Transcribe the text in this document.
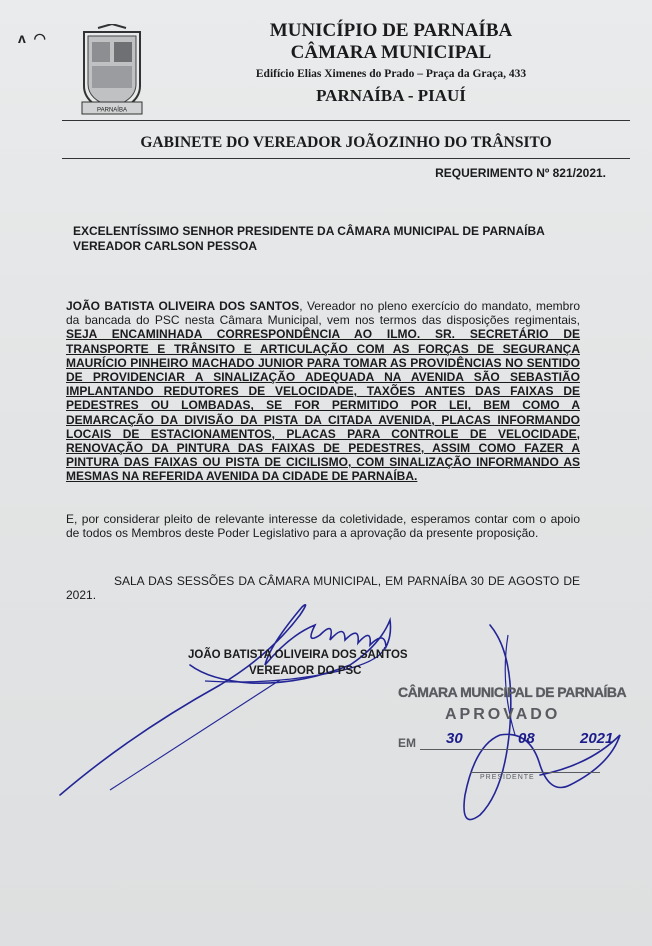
ᴧ ◠
PARNAÍBA
MUNICÍPIO DE PARNAÍBA
CÂMARA MUNICIPAL
Edifício Elias Ximenes do Prado – Praça da Graça, 433
PARNAÍBA - PIAUÍ
GABINETE DO VEREADOR JOÃOZINHO DO TRÂNSITO
REQUERIMENTO Nº 821/2021.
EXCELENTÍSSIMO SENHOR PRESIDENTE DA CÂMARA MUNICIPAL DE PARNAÍBA
VEREADOR CARLSON PESSOA
JOÃO BATISTA OLIVEIRA DOS SANTOS, Vereador no pleno exercício do mandato, membro da bancada do PSC nesta Câmara Municipal, vem nos termos das disposições regimentais, SEJA ENCAMINHADA CORRESPONDÊNCIA AO ILMO. SR. SECRETÁRIO DE TRANSPORTE E TRÂNSITO E ARTICULAÇÃO COM AS FORÇAS DE SEGURANÇA MAURÍCIO PINHEIRO MACHADO JUNIOR PARA TOMAR AS PROVIDÊNCIAS NO SENTIDO DE PROVIDENCIAR A SINALIZAÇÃO ADEQUADA NA AVENIDA SÃO SEBASTIÃO IMPLANTANDO REDUTORES DE VELOCIDADE, TAXÕES ANTES DAS FAIXAS DE PEDESTRES OU LOMBADAS, SE FOR PERMITIDO POR LEI, BEM COMO A DEMARCAÇÃO DA DIVISÃO DA PISTA DA CITADA AVENIDA, PLACAS INFORMANDO LOCAIS DE ESTACIONAMENTOS, PLACAS PARA CONTROLE DE VELOCIDADE, RENOVAÇÃO DA PINTURA DAS FAIXAS DE PEDESTRES, ASSIM COMO FAZER A PINTURA DAS FAIXAS OU PISTA DE CICILISMO, COM SINALIZAÇÃO INFORMANDO AS MESMAS NA REFERIDA AVENIDA DA CIDADE DE PARNAÍBA.
E, por considerar pleito de relevante interesse da coletividade, esperamos contar com o apoio de todos os Membros deste Poder Legislativo para a aprovação da presente proposição.
SALA DAS SESSÕES DA CÂMARA MUNICIPAL, EM PARNAÍBA 30 DE AGOSTO DE 2021.
JOÃO BATISTA OLIVEIRA DOS SANTOS
VEREADOR DO PSC
CÂMARA MUNICIPAL DE PARNAÍBA
APROVADO
EM 30	08	2021
PRESIDENTE
